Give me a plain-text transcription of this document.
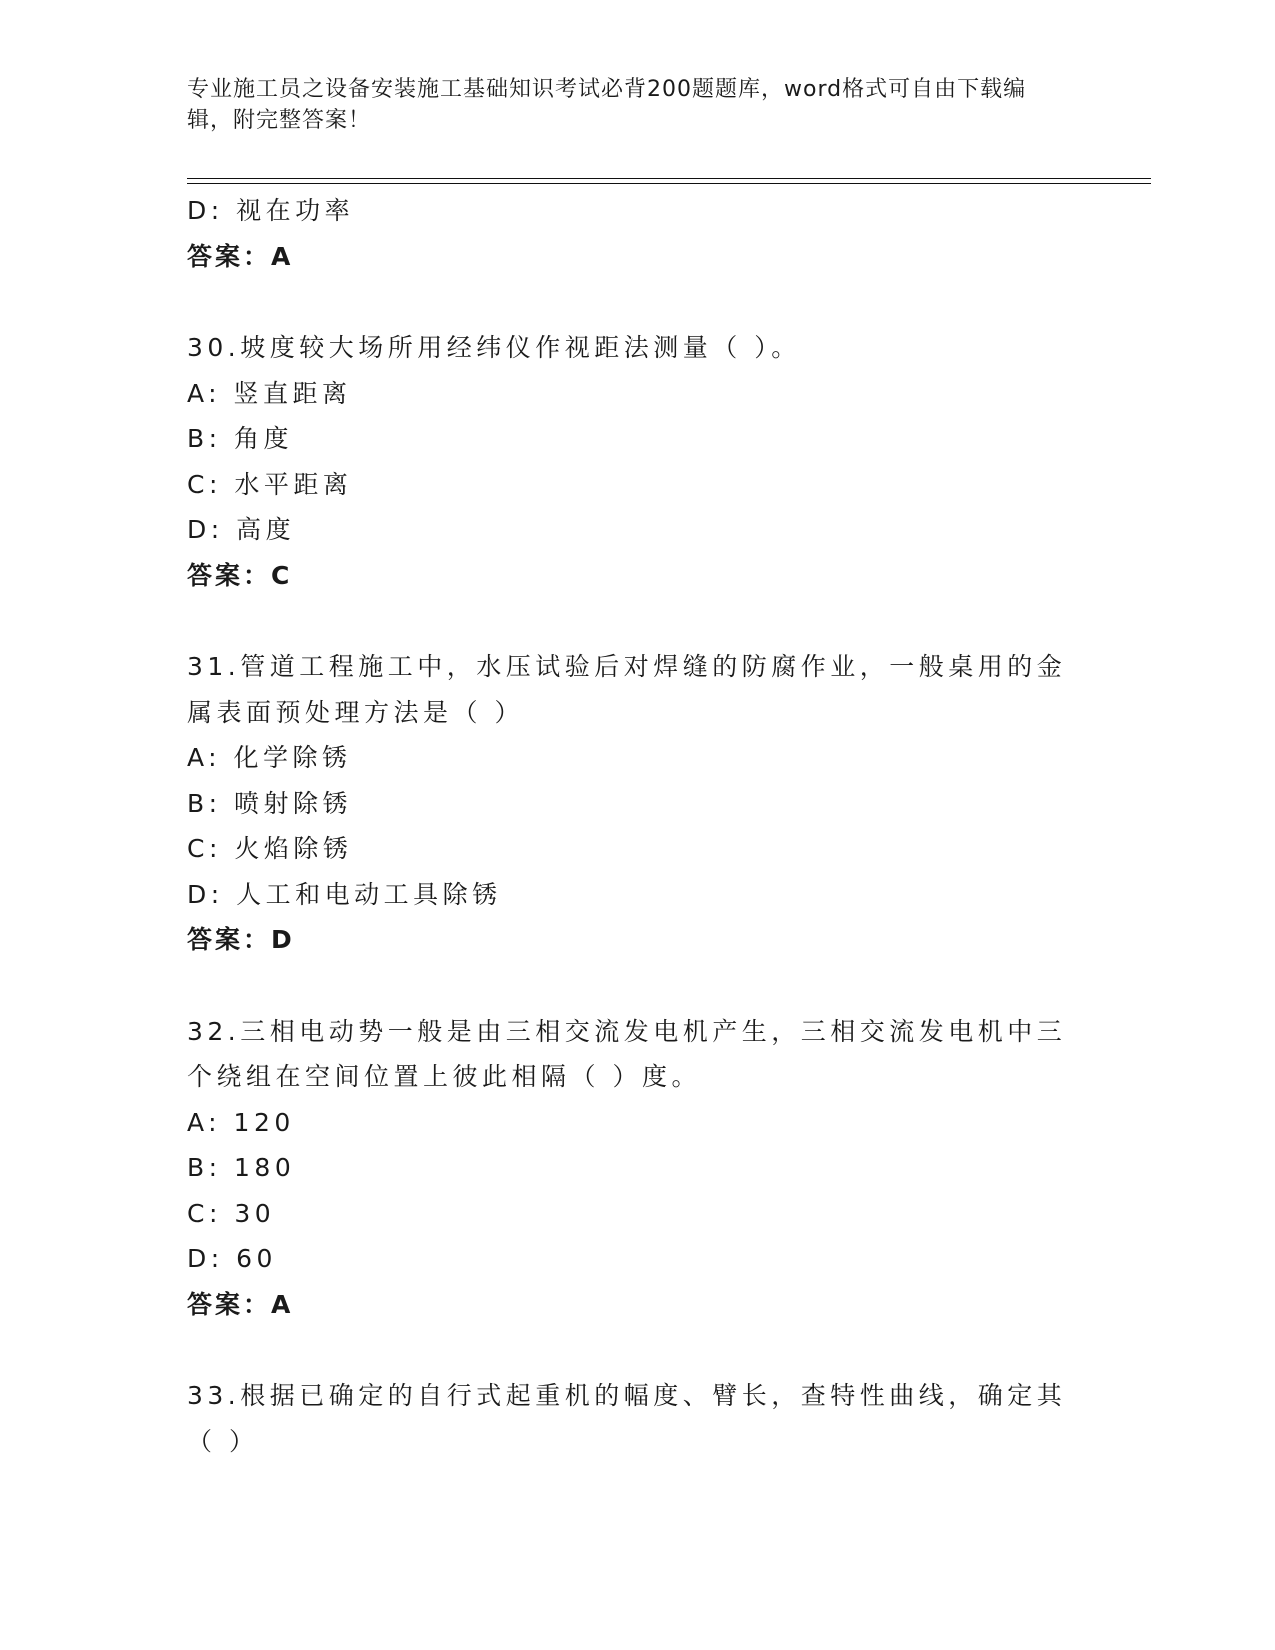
专业施工员之设备安装施工基础知识考试必背200题题库，word格式可自由下载编辑，附完整答案！
D: 视在功率
答案：A
30.坡度较大场所用经纬仪作视距法测量（ ）。
A: 竖直距离
B: 角度
C: 水平距离
D: 高度
答案：C
31.管道工程施工中，水压试验后对焊缝的防腐作业，一般桌用的金属表面预处理方法是（ ）
A: 化学除锈
B: 喷射除锈
C: 火焰除锈
D: 人工和电动工具除锈
答案：D
32.三相电动势一般是由三相交流发电机产生，三相交流发电机中三个绕组在空间位置上彼此相隔（ ）度。
A: 120
B: 180
C: 30
D: 60
答案：A
33.根据已确定的自行式起重机的幅度、臂长，查特性曲线，确定其（ ）
